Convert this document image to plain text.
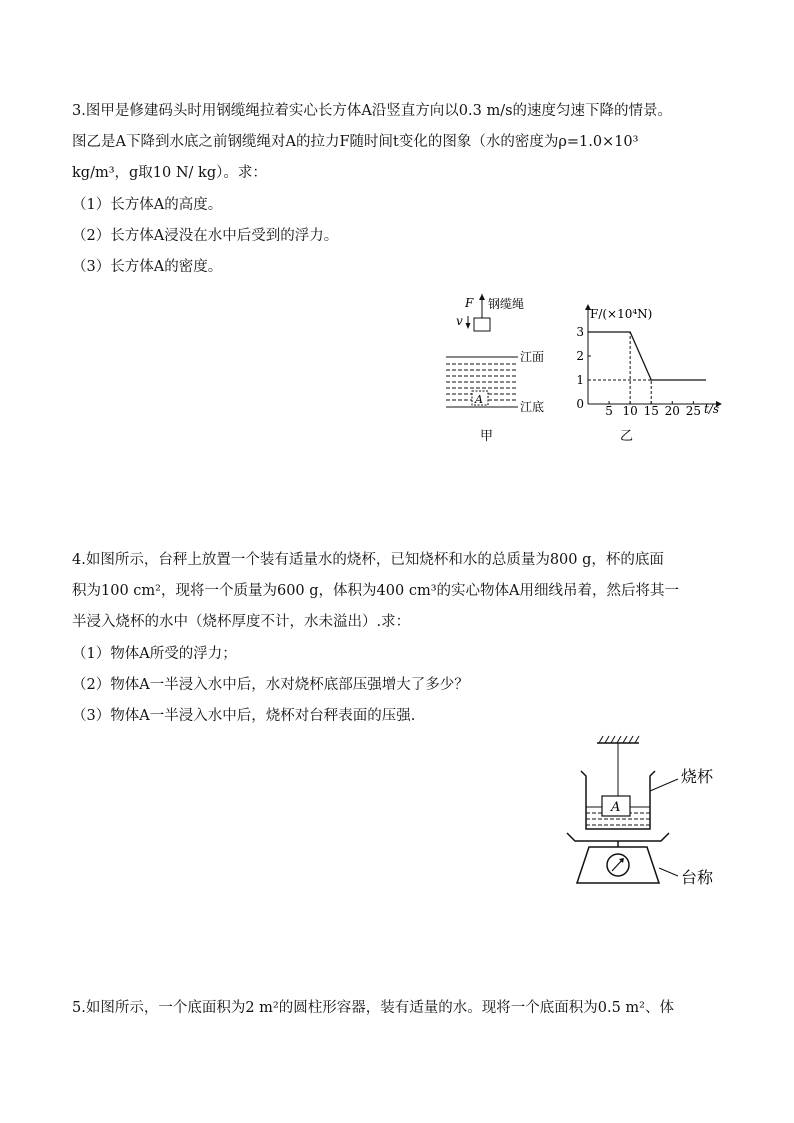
3.图甲是修建码头时用钢缆绳拉着实心长方体A沿竖直方向以0.3 m/s的速度匀速下降的情景。

图乙是A下降到水底之前钢缆绳对A的拉力F随时间t变化的图象（水的密度为ρ=1.0×10³

kg/m³，g取10 N/ kg）。求：

（1）长方体A的高度。
（2）长方体A浸没在水中后受到的浮力。
（3）长方体A的密度。
F 钢缆绳
v
A
江面
江底
甲
5 10 15 20 25
0
1
2
3
F/(×10⁴N)
t/s
乙

4.如图所示，台秤上放置一个装有适量水的烧杯，已知烧杯和水的总质量为800 g，杯的底面

积为100 cm²，现将一个质量为600 g，体积为400 cm³的实心物体A用细线吊着，然后将其一

半浸入烧杯的水中（烧杯厚度不计，水未溢出）.求：

（1）物体A所受的浮力；
（2）物体A一半浸入水中后，水对烧杯底部压强增大了多少？
（3）物体A一半浸入水中后，烧杯对台秤表面的压强.
A
烧杯
台称

5.如图所示，一个底面积为2 m²的圆柱形容器，装有适量的水。现将一个底面积为0.5 m²、体
